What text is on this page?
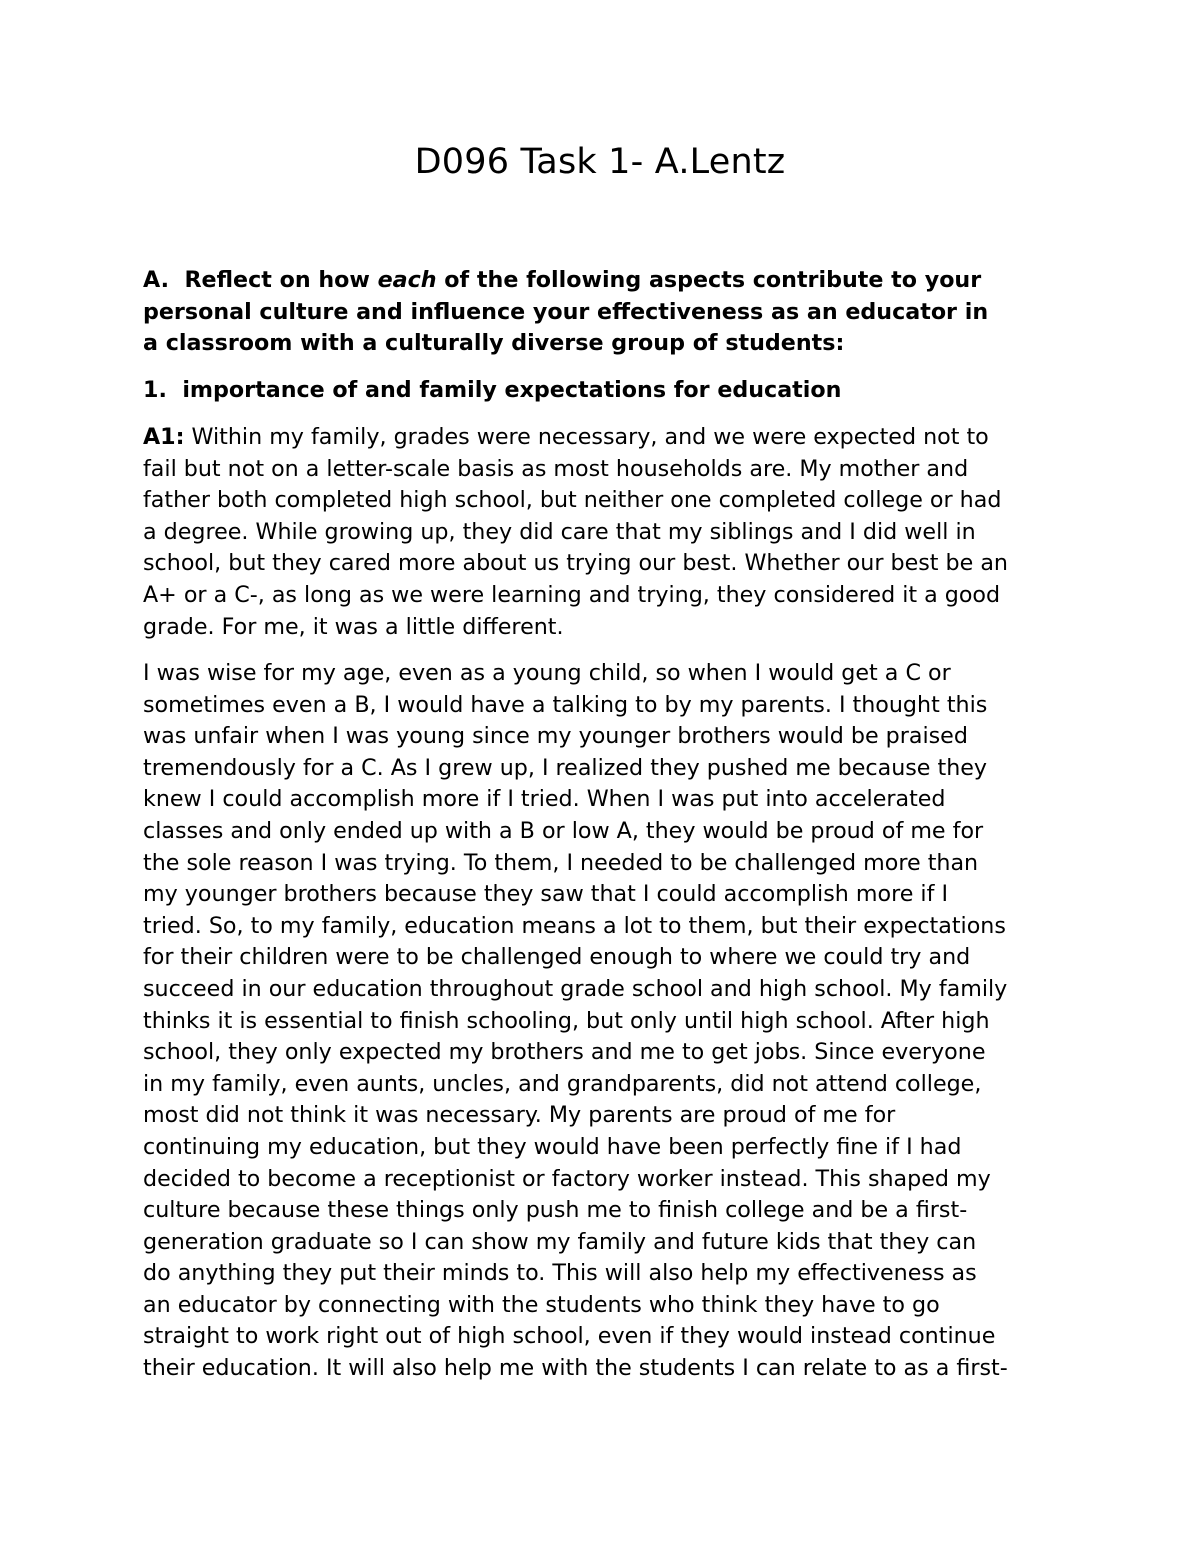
D096 Task 1- A.Lentz

A. Reflect on how each of the following aspects contribute to your
personal culture and influence your effectiveness as an educator in
a classroom with a culturally diverse group of students:

1. importance of and family expectations for education

A1: Within my family, grades were necessary, and we were expected not to
fail but not on a letter-scale basis as most households are. My mother and
father both completed high school, but neither one completed college or had
a degree. While growing up, they did care that my siblings and I did well in
school, but they cared more about us trying our best. Whether our best be an
A+ or a C-, as long as we were learning and trying, they considered it a good
grade. For me, it was a little different.

I was wise for my age, even as a young child, so when I would get a C or
sometimes even a B, I would have a talking to by my parents. I thought this
was unfair when I was young since my younger brothers would be praised
tremendously for a C. As I grew up, I realized they pushed me because they
knew I could accomplish more if I tried. When I was put into accelerated
classes and only ended up with a B or low A, they would be proud of me for
the sole reason I was trying. To them, I needed to be challenged more than
my younger brothers because they saw that I could accomplish more if I
tried. So, to my family, education means a lot to them, but their expectations
for their children were to be challenged enough to where we could try and
succeed in our education throughout grade school and high school. My family
thinks it is essential to finish schooling, but only until high school. After high
school, they only expected my brothers and me to get jobs. Since everyone
in my family, even aunts, uncles, and grandparents, did not attend college,
most did not think it was necessary. My parents are proud of me for
continuing my education, but they would have been perfectly fine if I had
decided to become a receptionist or factory worker instead. This shaped my
culture because these things only push me to finish college and be a first-
generation graduate so I can show my family and future kids that they can
do anything they put their minds to. This will also help my effectiveness as
an educator by connecting with the students who think they have to go
straight to work right out of high school, even if they would instead continue
their education. It will also help me with the students I can relate to as a first-
